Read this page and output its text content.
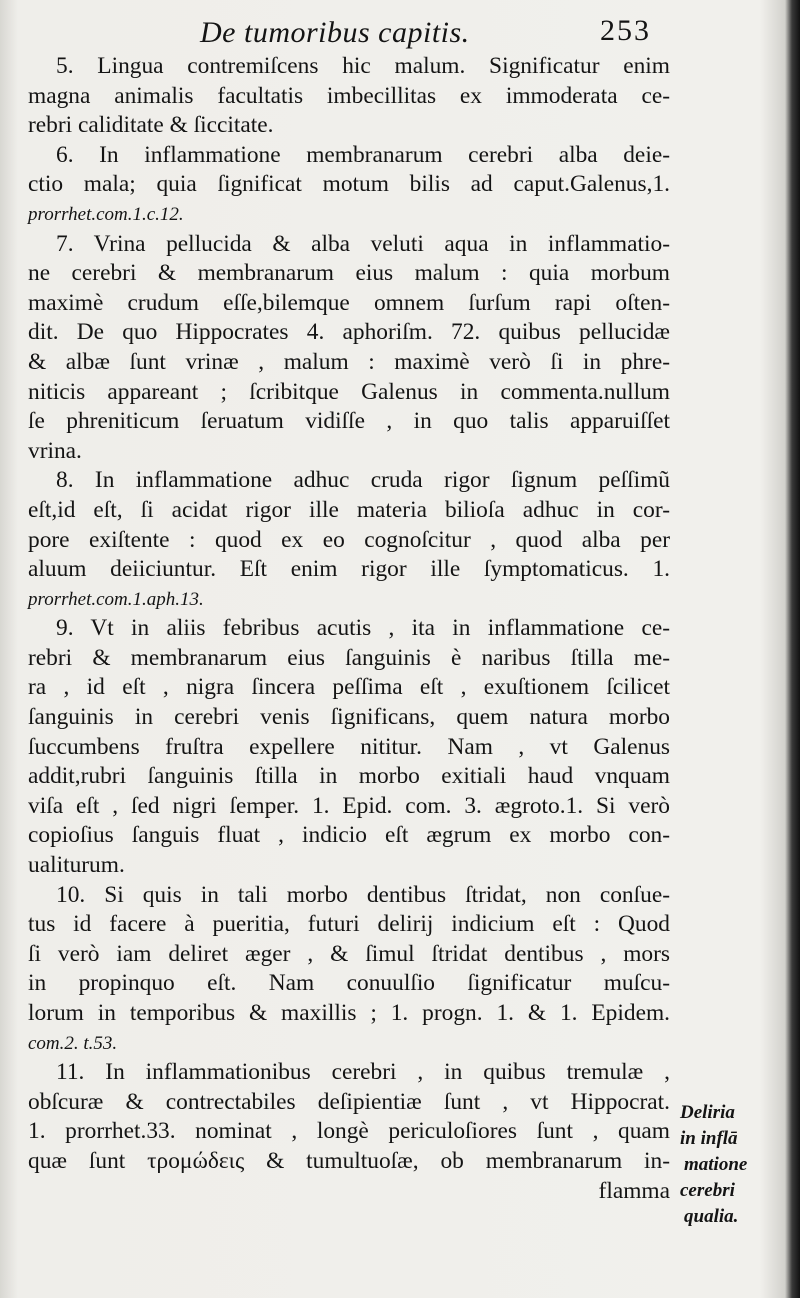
De tumoribus capitis.	253

5. Lingua contremiſcens hic malum. Significatur enim
magna animalis facultatis imbecillitas ex immoderata ce-
rebri caliditate & ſiccitate.

6. In inflammatione membranarum cerebri alba deie-
ctio mala; quia ſignificat motum bilis ad caput.Galenus,1.
prorrhet.com.1.c.12.

7. Vrina pellucida & alba veluti aqua in inflammatio-
ne cerebri & membranarum eius malum : quia morbum
maximè crudum eſſe,bilemque omnem ſurſum rapi oſten-
dit. De quo Hippocrates 4. aphoriſm. 72. quibus pellucidæ
& albæ ſunt vrinæ , malum : maximè verò ſi in phre-
niticis appareant ; ſcribitque Galenus in commenta.nullum
ſe phreniticum ſeruatum vidiſſe , in quo talis apparuiſſet
vrina.

8. In inflammatione adhuc cruda rigor ſignum peſſimũ
eſt,id eſt, ſi acidat rigor ille materia bilioſa adhuc in cor-
pore exiſtente : quod ex eo cognoſcitur , quod alba per
aluum deiiciuntur. Eſt enim rigor ille ſymptomaticus. 1.
prorrhet.com.1.aph.13.

9. Vt in aliis febribus acutis , ita in inflammatione ce-
rebri & membranarum eius ſanguinis è naribus ſtilla me-
ra , id eſt , nigra ſincera peſſima eſt , exuſtionem ſcilicet
ſanguinis in cerebri venis ſignificans, quem natura morbo
ſuccumbens fruſtra expellere nititur. Nam , vt Galenus
addit,rubri ſanguinis ſtilla in morbo exitiali haud vnquam
viſa eſt , ſed nigri ſemper. 1. Epid. com. 3. ægroto.1. Si verò
copioſius ſanguis fluat , indicio eſt ægrum ex morbo con-
ualiturum.

10. Si quis in tali morbo dentibus ſtridat, non conſue-
tus id facere à pueritia, futuri delirij indicium eſt : Quod
ſi verò iam deliret æger , & ſimul ſtridat dentibus , mors
in propinquo eſt. Nam conuulſio ſignificatur muſcu-
lorum in temporibus & maxillis ; 1. progn. 1. & 1. Epidem.
com.2. t.53.

11. In inflammationibus cerebri , in quibus tremulæ ,
obſcuræ & contrectabiles deſipientiæ ſunt , vt Hippocrat.
1. prorrhet.33. nominat , longè periculoſiores ſunt , quam
quæ ſunt τρομώδεις & tumultuoſæ, ob membranarum in-

flamma
Deliria
in inflā
matione
cerebri
qualia.
